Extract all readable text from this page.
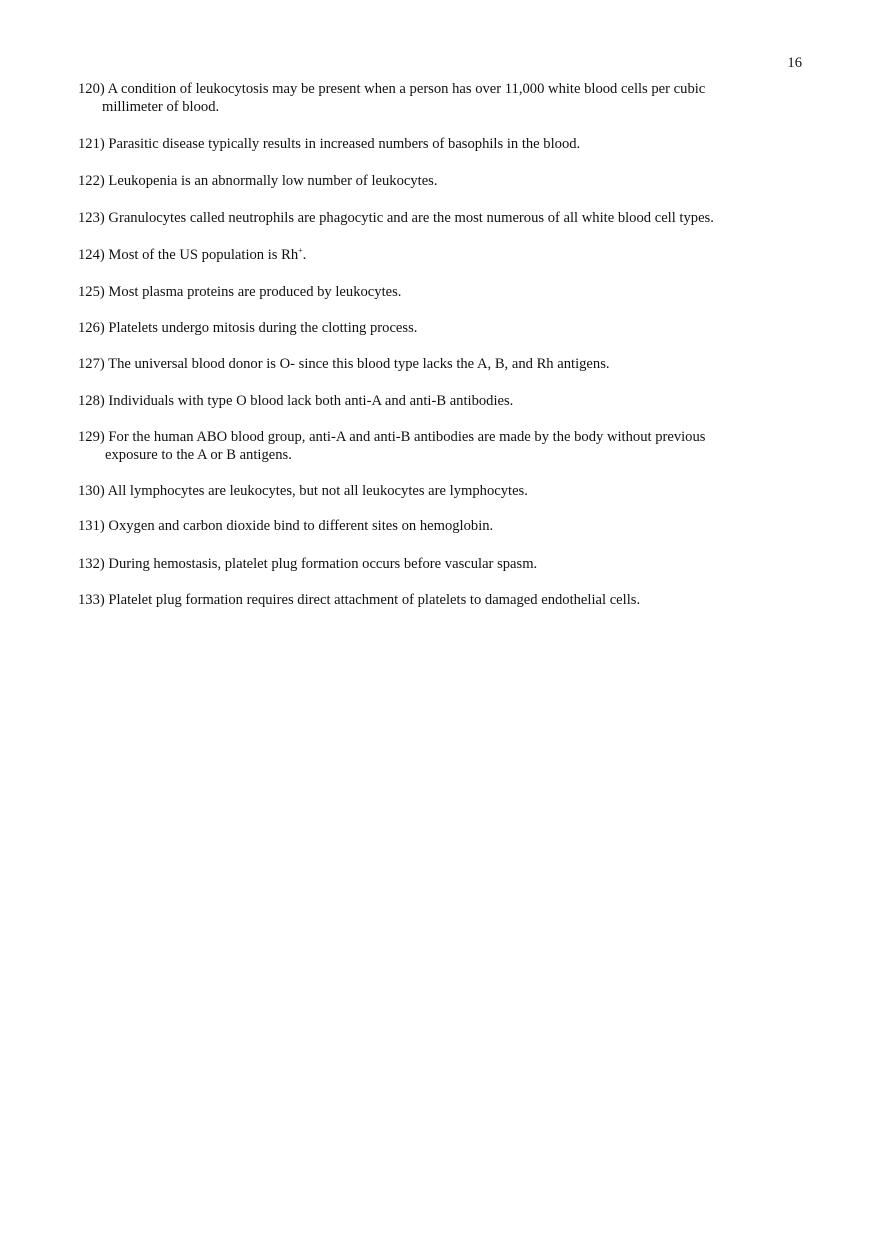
16
120) A condition of leukocytosis may be present when a person has over 11,000 white blood cells per cubic
millimeter of blood.
121) Parasitic disease typically results in increased numbers of basophils in the blood.
122) Leukopenia is an abnormally low number of leukocytes.
123) Granulocytes called neutrophils are phagocytic and are the most numerous of all white blood cell types.
124) Most of the US population is Rh+.
125) Most plasma proteins are produced by leukocytes.
126) Platelets undergo mitosis during the clotting process.
127) The universal blood donor is O- since this blood type lacks the A, B, and Rh antigens.
128) Individuals with type O blood lack both anti-A and anti-B antibodies.
129) For the human ABO blood group, anti-A and anti-B antibodies are made by the body without previous
exposure to the A or B antigens.
130) All lymphocytes are leukocytes, but not all leukocytes are lymphocytes.
131) Oxygen and carbon dioxide bind to different sites on hemoglobin.
132) During hemostasis, platelet plug formation occurs before vascular spasm.
133) Platelet plug formation requires direct attachment of platelets to damaged endothelial cells.
